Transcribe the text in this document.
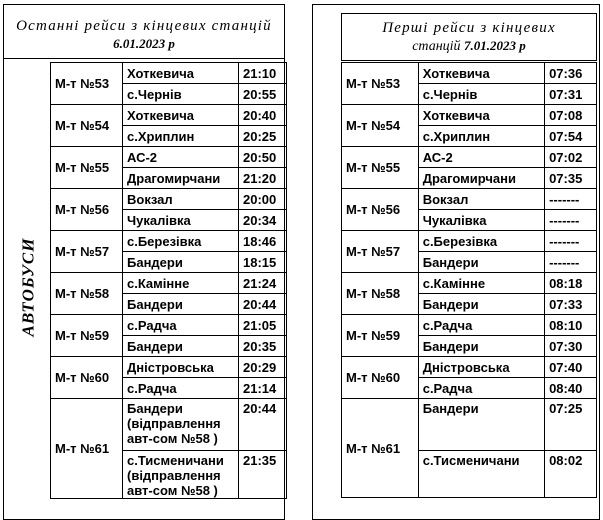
Останні рейси з кінцевих станцій
6.01.2023 р
АВТОБУСИ
М-т №53	Хоткевича	21:10
	с.Чернів	20:55
М-т №54	Хоткевича	20:40
	с.Хриплин	20:25
М-т №55	АС-2	20:50
	Драгомирчани	21:20
М-т №56	Вокзал	20:00
	Чукалівка	20:34
М-т №57	с.Березівка	18:46
	Бандери	18:15
М-т №58	с.Камінне	21:24
	Бандери	20:44
М-т №59	с.Радча	21:05
	Бандери	20:35
М-т №60	Дністровська	20:29
	с.Радча	21:14
М-т №61	Бандери (відправлення авт-сом №58 )	20:44
	с.Тисменичани (відправлення авт-сом №58 )	21:35
Перші рейси з кінцевих
станцій 7.01.2023 р
М-т №53	Хоткевича	07:36
	с.Чернів	07:31
М-т №54	Хоткевича	07:08
	с.Хриплин	07:54
М-т №55	АС-2	07:02
	Драгомирчани	07:35
М-т №56	Вокзал	-------
	Чукалівка	-------
М-т №57	с.Березівка	-------
	Бандери	-------
М-т №58	с.Камінне	08:18
	Бандери	07:33
М-т №59	с.Радча	08:10
	Бандери	07:30
М-т №60	Дністровська	07:40
	с.Радча	08:40
М-т №61	Бандери	07:25
	с.Тисменичани	08:02
